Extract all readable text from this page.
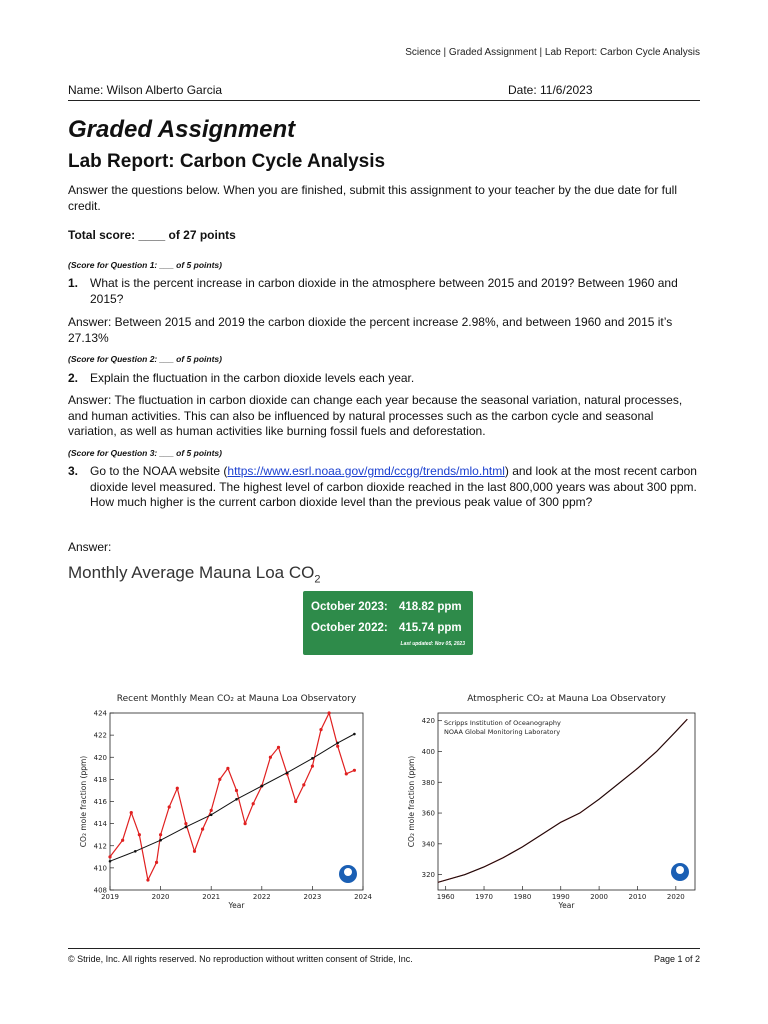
Science | Graded Assignment | Lab Report: Carbon Cycle Analysis
Name: Wilson Alberto Garcia	Date: 11/6/2023
Graded Assignment
Lab Report: Carbon Cycle Analysis
Answer the questions below. When you are finished, submit this assignment to your teacher by the due date for full credit.
Total score: ____ of 27 points
(Score for Question 1: ___ of 5 points)
1. What is the percent increase in carbon dioxide in the atmosphere between 2015 and 2019? Between 1960 and 2015?
Answer: Between 2015 and 2019 the carbon dioxide the percent increase 2.98%, and between 1960 and 2015 it’s 27.13%
(Score for Question 2: ___ of 5 points)
2. Explain the fluctuation in the carbon dioxide levels each year.
Answer: The fluctuation in carbon dioxide can change each year because the seasonal variation, natural processes, and human activities. This can also be influenced by natural processes such as the carbon cycle and seasonal variation, as well as human activities like burning fossil fuels and deforestation.
(Score for Question 3: ___ of 5 points)
3. Go to the NOAA website (https://www.esrl.noaa.gov/gmd/ccgg/trends/mlo.html) and look at the most recent carbon dioxide level measured. The highest level of carbon dioxide reached in the last 800,000 years was about 300 ppm. How much higher is the current carbon dioxide level than the previous peak value of 300 ppm?
Answer:
Monthly Average Mauna Loa $CO_2$
October 2023: 418.82 ppm
October 2022: 415.74 ppm
Last updated: Nov 05, 2023
Recent Monthly Mean CO₂ at Mauna Loa Observatory
408
410
412
414
416
418
420
422
424
2019	2020	2021	2022	2023	2024
Year
CO₂ mole fraction (ppm)
Atmospheric CO₂ at Mauna Loa Observatory
320
340
360
380
400
420
1960	1970	1980	1990	2000	2010	2020
Year
CO₂ mole fraction (ppm)
Scripps Institution of Oceanography
NOAA Global Monitoring Laboratory
© Stride, Inc. All rights reserved. No reproduction without written consent of Stride, Inc.	Page 1 of 2
